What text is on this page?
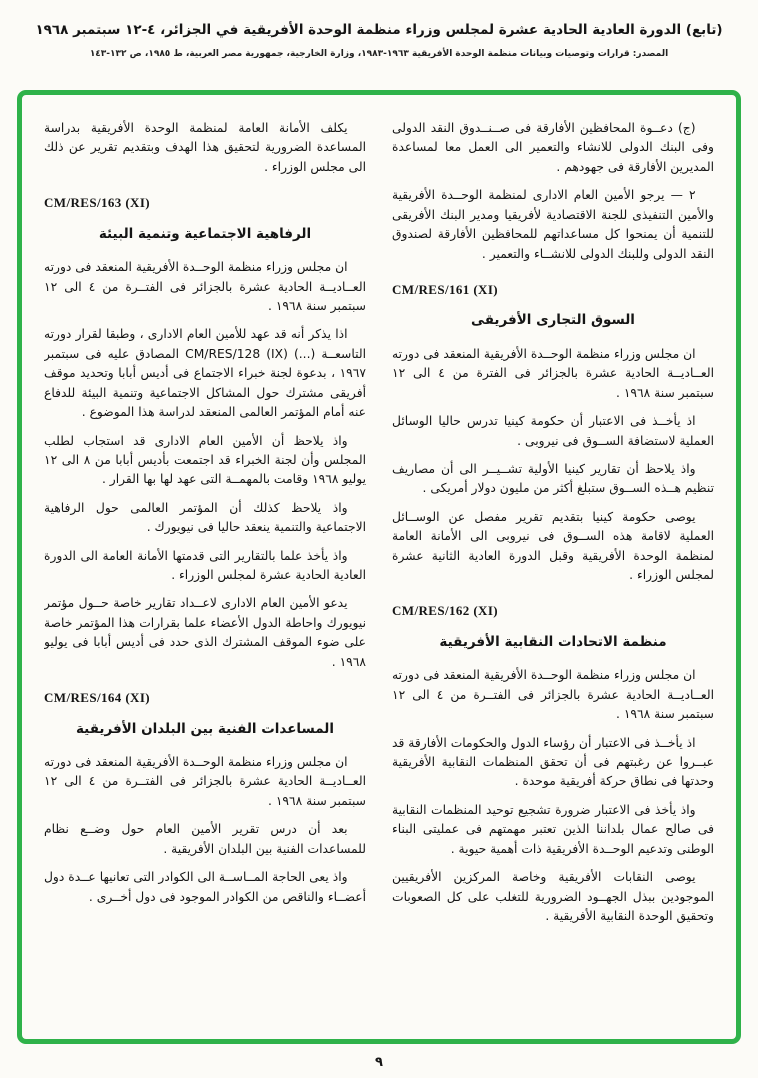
(تابع) الدورة العادية الحادية عشرة لمجلس وزراء منظمة الوحدة الأفريقية في الجزائر، ٤-١٢ سبتمبر ١٩٦٨
المصدر: قرارات وتوصيات وبيانات منظمة الوحدة الأفريقية ١٩٦٣-١٩٨٣، وزارة الخارجية، جمهورية مصر العربية، ط ١٩٨٥، ص ١٣٢-١٤٣

(ج) دعــوة المحافظين الأفارقة فى صــنــدوق النقد الدولى وفى البنك الدولى للانشاء والتعمير الى العمل معا لمساعدة المديرين الأفارقة فى جهودهم .

٢ — يرجو الأمين العام الادارى لمنظمة الوحــدة الأفريقية والأمين التنفيذى للجنة الاقتصادية لأفريقيا ومدير البنك الأفريقى للتنمية أن يمنحوا كل مساعداتهم للمحافظين الأفارقة لصندوق النقد الدولى وللبنك الدولى للانشــاء والتعمير .

CM/RES/161 (XI)
السوق التجارى الأفريقى

ان مجلس وزراء منظمة الوحــدة الأفريقية المنعقد فى دورته العــاديــة الحادية عشرة بالجزائر فى الفترة من ٤ الى ١٢ سبتمبر سنة ١٩٦٨ .

اذ يأخــذ فى الاعتبار أن حكومة كينيا تدرس حاليا الوسائل العملية لاستضافة الســوق فى نيروبى .

واذ يلاحظ أن تقارير كينيا الأولية تشــيــر الى أن مصاريف تنظيم هــذه الســوق ستبلغ أكثر من مليون دولار أمريكى .

يوصى حكومة كينيا بتقديم تقرير مفصل عن الوســائل العملية لاقامة هذه الســوق فى نيروبى الى الأمانة العامة لمنظمة الوحدة الأفريقية وقبل الدورة العادية الثانية عشرة لمجلس الوزراء .

CM/RES/162 (XI)
منظمة الاتحادات النقابية الأفريقية

ان مجلس وزراء منظمة الوحــدة الأفريقية المنعقد فى دورته العــاديــة الحادية عشرة بالجزائر فى الفتــرة من ٤ الى ١٢ سبتمبر سنة ١٩٦٨ .

اذ يأخــذ فى الاعتبار أن رؤساء الدول والحكومات الأفارقة قد عبــروا عن رغبتهم فى أن تحقق المنظمات النقابية الأفريقية وحدتها فى نطاق حركة أفريقية موحدة .

واذ يأخذ فى الاعتبار ضرورة تشجيع توحيد المنظمات النقابية فى صالح عمال بلداننا الذين تعتبر مهمتهم فى عمليتى البناء الوطنى وتدعيم الوحــدة الأفريقية ذات أهمية حيوية .

يوصى النقابات الأفريقية وخاصة المركزين الأفريقيين الموجودين ببذل الجهــود الضرورية للتغلب على كل الصعوبات وتحقيق الوحدة النقابية الأفريقية .

يكلف الأمانة العامة لمنظمة الوحدة الأفريقية بدراسة المساعدة الضرورية لتحقيق هذا الهدف وبتقديم تقرير عن ذلك الى مجلس الوزراء .

CM/RES/163 (XI)
الرفاهية الاجتماعية وتنمية البيئة

ان مجلس وزراء منظمة الوحــدة الأفريقية المنعقد فى دورته العــاديــة الحادية عشرة بالجزائر فى الفتــرة من ٤ الى ١٢ سبتمبر سنة ١٩٦٨ .

اذا يذكر أنه قد عهد للأمين العام الادارى ، وطبقا لقرار دورته التاسعــة (...) CM/RES/128 (IX) المصادق عليه فى سبتمبر ١٩٦٧ ، بدعوة لجنة خبراء الاجتماع فى أديس أبابا وتحديد موقف أفريقى مشترك حول المشاكل الاجتماعية وتنمية البيئة للدفاع عنه أمام المؤتمر العالمى المنعقد لدراسة هذا الموضوع .

واذ يلاحظ أن الأمين العام الادارى قد استجاب لطلب المجلس وأن لجنة الخبراء قد اجتمعت بأديس أبابا من ٨ الى ١٢ يوليو ١٩٦٨ وقامت بالمهمــة التى عهد لها بها القرار .

واذ يلاحظ كذلك أن المؤتمر العالمى حول الرفاهية الاجتماعية والتنمية ينعقد حاليا فى نيويورك .

واذ يأخذ علما بالتقارير التى قدمتها الأمانة العامة الى الدورة العادية الحادية عشرة لمجلس الوزراء .

يدعو الأمين العام الادارى لاعــداد تقارير خاصة حــول مؤتمر نيويورك واحاطة الدول الأعضاء علما بقرارات هذا المؤتمر خاصة على ضوء الموقف المشترك الذى حدد فى أديس أبابا فى يوليو ١٩٦٨ .

CM/RES/164 (XI)
المساعدات الفنية بين البلدان الأفريقية

ان مجلس وزراء منظمة الوحــدة الأفريقية المنعقد فى دورته العــاديــة الحادية عشرة بالجزائر فى الفتــرة من ٤ الى ١٢ سبتمبر سنة ١٩٦٨ .

بعد أن درس تقرير الأمين العام حول وضــع نظام للمساعدات الفنية بين البلدان الأفريقية .

واذ يعى الحاجة المــاســة الى الكوادر التى تعانيها عــدة دول أعضــاء والناقص من الكوادر الموجود فى دول أخــرى .

٩
